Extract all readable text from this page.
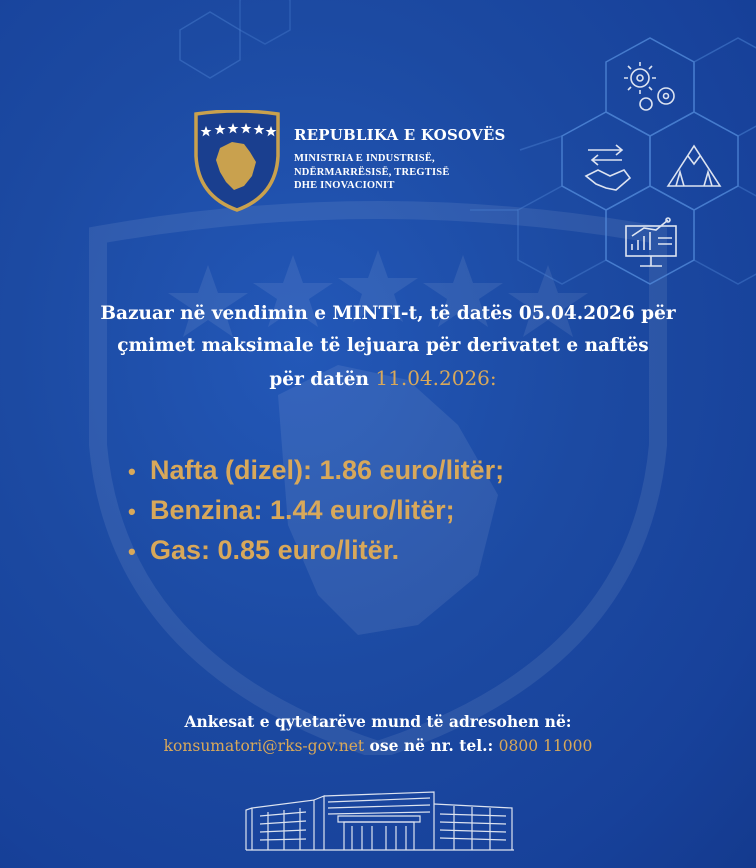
REPUBLIKA E KOSOVËS
MINISTRIA E INDUSTRISË,
NDËRMARRËSISË, TREGTISË
DHE INOVACIONIT
Bazuar në vendimin e MINTI-t, të datës 05.04.2026 për
çmimet maksimale të lejuara për derivatet e naftës
për datën 11.04.2026:
• Nafta (dizel): 1.86 euro/litër;
• Benzina: 1.44 euro/litër;
• Gas: 0.85 euro/litër.
Ankesat e qytetarëve mund të adresohen në:
konsumatori@rks-gov.net ose në nr. tel.: 0800 11000
